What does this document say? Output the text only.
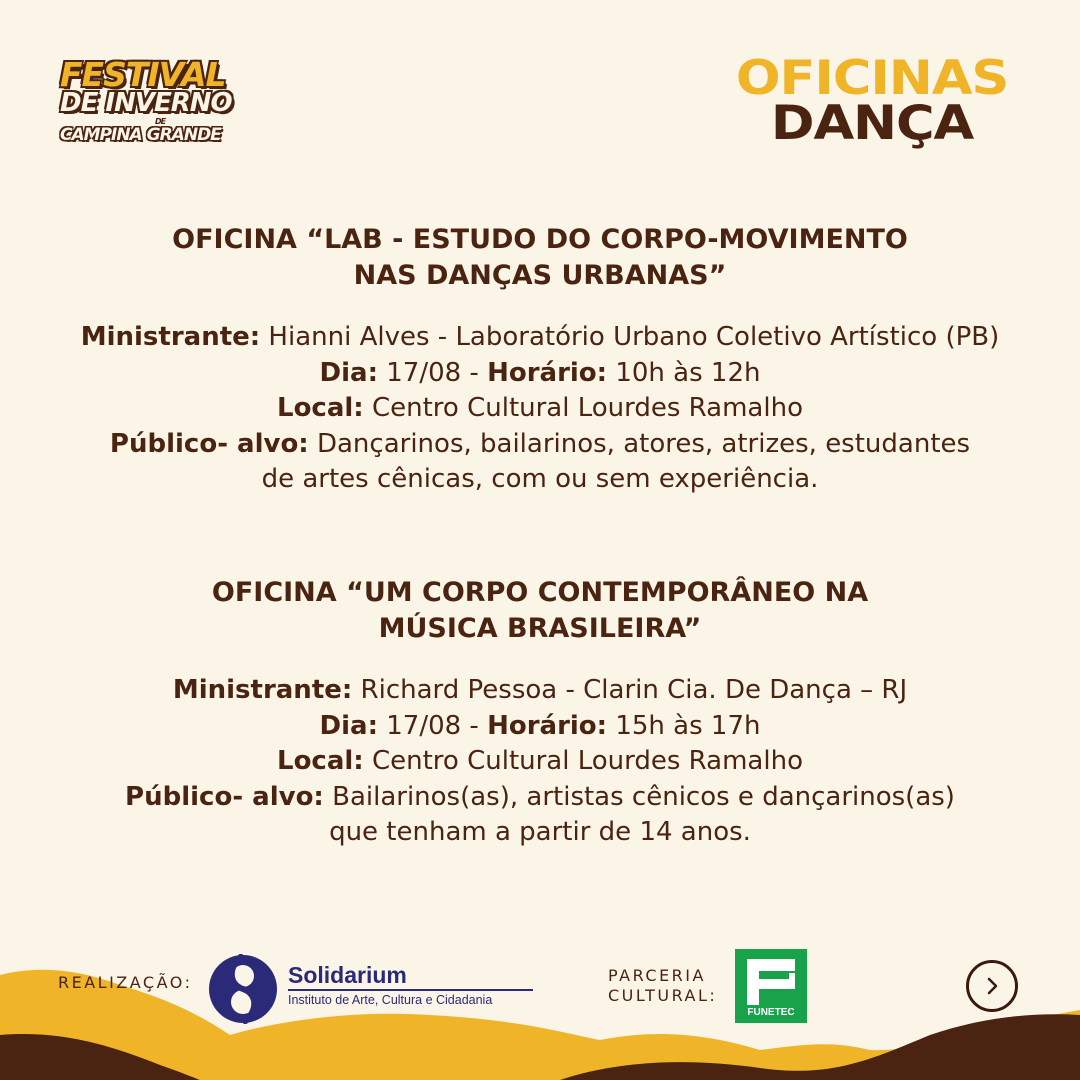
FESTIVAL
DE INVERNO
DE
CAMPINA GRANDE
OFICINAS
DANÇA
OFICINA “LAB - ESTUDO DO CORPO-MOVIMENTO
NAS DANÇAS URBANAS”
Ministrante: Hianni Alves - Laboratório Urbano Coletivo Artístico (PB)
Dia: 17/08 - Horário: 10h às 12h
Local: Centro Cultural Lourdes Ramalho
Público- alvo: Dançarinos, bailarinos, atores, atrizes, estudantes
de artes cênicas, com ou sem experiência.
OFICINA “UM CORPO CONTEMPORÂNEO NA
MÚSICA BRASILEIRA”
Ministrante: Richard Pessoa - Clarin Cia. De Dança – RJ
Dia: 17/08 - Horário: 15h às 17h
Local: Centro Cultural Lourdes Ramalho
Público- alvo: Bailarinos(as), artistas cênicos e dançarinos(as)
que tenham a partir de 14 anos.
REALIZAÇÃO:	Solidarium
Instituto de Arte, Cultura e Cidadania
PARCERIA
CULTURAL:
FUNETEC
